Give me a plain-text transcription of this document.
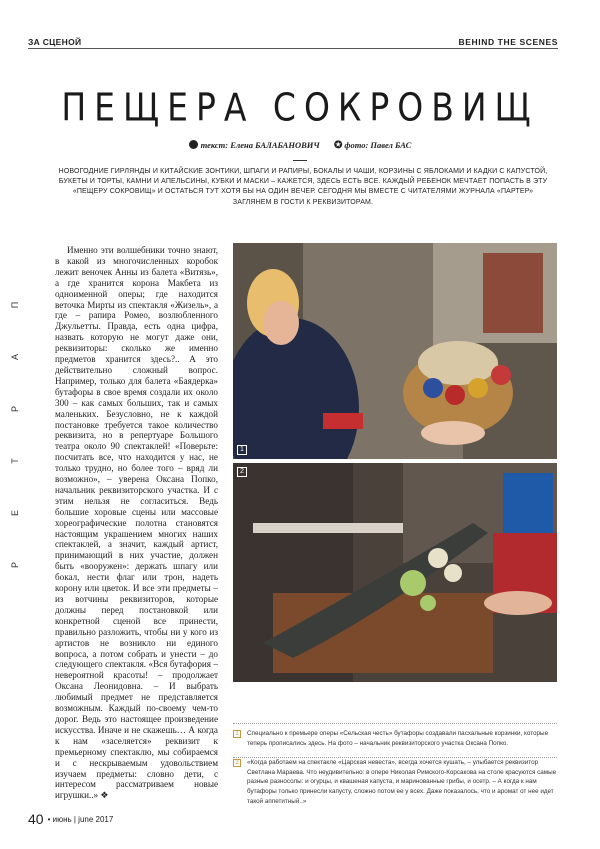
ЗА СЦЕНОЙ	BEHIND THE SCENES
П
А
Р
Т
Е
Р
ПЕЩЕРА СОКРОВИЩ
текст: Елена БАЛАБАНОВИЧ ✪ фото: Павел БАС

НОВОГОДНИЕ ГИРЛЯНДЫ И КИТАЙСКИЕ ЗОНТИКИ, ШПАГИ И РАПИРЫ, БОКАЛЫ И ЧАШИ, КОРЗИНЫ С ЯБЛОКАМИ И КАДКИ С КАПУСТОЙ, БУКЕТЫ И ТОРТЫ, КАМНИ И АПЕЛЬСИНЫ, КУБКИ И МАСКИ – КАЖЕТСЯ, ЗДЕСЬ ЕСТЬ ВСЕ. КАЖДЫЙ РЕБЕНОК МЕЧТАЕТ ПОПАСТЬ В ЭТУ «ПЕЩЕРУ СОКРОВИЩ» И ОСТАТЬСЯ ТУТ ХОТЯ БЫ НА ОДИН ВЕЧЕР. СЕГОДНЯ МЫ ВМЕСТЕ С ЧИТАТЕЛЯМИ ЖУРНАЛА «ПАРТЕР» ЗАГЛЯНЕМ В ГОСТИ К РЕКВИЗИТОРАМ.

Именно эти волшебники точно знают, в какой из многочисленных коробок лежит веночек Анны из балета «Витязь», а где хранится корона Макбета из одноименной оперы; где находится веточка Мирты из спектакля «Жизель», а где – рапира Ромео, возлюбленного Джульетты. Правда, есть одна цифра, назвать которую не могут даже они, реквизиторы: сколько же именно предметов хранится здесь?.. А это действительно сложный вопрос. Например, только для балета «Баядерка» бутафоры в свое время создали их около 300 – как самых больших, так и самых маленьких. Безусловно, не к каждой постановке требуется такое количество реквизита, но в репертуаре Большого театра около 90 спектаклей! «Поверьте: посчитать все, что находится у нас, не только трудно, но более того – вряд ли возможно», – уверена Оксана Попко, начальник реквизиторского участка. И с этим нельзя не согласиться. Ведь большие хоровые сцены или массовые хореографические полотна становятся настоящим украшением многих наших спектаклей, а значит, каждый артист, принимающий в них участие, должен быть «вооружен»: держать шпагу или бокал, нести флаг или трон, надеть корону или цветок. И все эти предметы – из вотчины реквизиторов, которые должны перед постановкой или конкретной сценой все принести, правильно разложить, чтобы ни у кого из артистов не возникло ни единого вопроса, а потом собрать и унести – до следующего спектакля. «Вся бутафория – невероятной красоты! – продолжает Оксана Леонидовна. – И выбрать любимый предмет не представляется возможным. Каждый по-своему чем-то дорог. Ведь это настоящее произведение искусства. Иначе и не скажешь… А когда к нам «заселяется» реквизит к премьерному спектаклю, мы собираемся и с нескрываемым удовольствием изучаем предметы: словно дети, с интересом рассматриваем новые игрушки..» ❖

1
2
1	Специально к премьере оперы «Сельская честь» бутафоры создавали пасхальные корзинки, которые теперь прописались здесь. На фото – начальник реквизиторского участка Оксана Попко.
2	«Когда работаем на спектакле «Царская невеста», всегда хочется кушать, – улыбается реквизитор Светлана Мараева. Что неудивительно: в опере Николая Римского-Корсакова на столе красуются самые разные разносолы: и огурцы, и квашеная капуста, и маринованные грибы, и осетр. – А когда к нам бутафоры только принесли капусту, сложно потом ее у всех. Даже показалось, что и аромат от нее идет такой аппетитный..»
40 • июнь | june 2017
